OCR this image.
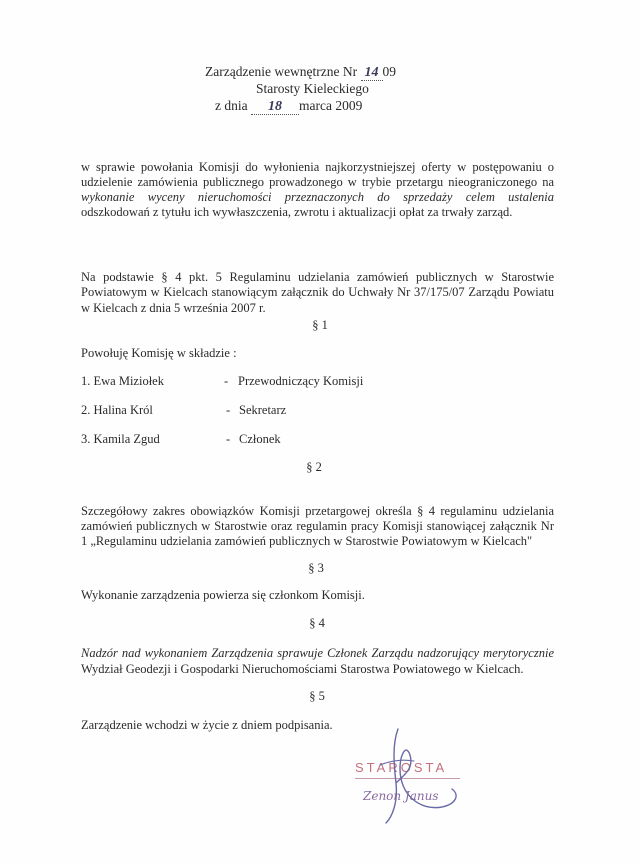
Zarządzenie wewnętrzne Nr 14 09
Starosty Kieleckiego
z dnia 18 marca 2009
w sprawie powołania Komisji do wyłonienia najkorzystniejszej oferty w postępowaniu o
udzielenie zamówienia publicznego prowadzonego w trybie przetargu nieograniczonego na
wykonanie wyceny nieruchomości przeznaczonych do sprzedaży celem ustalenia
odszkodowań z tytułu ich wywłaszczenia, zwrotu i aktualizacji opłat za trwały zarząd.
Na podstawie § 4 pkt. 5 Regulaminu udzielania zamówień publicznych w Starostwie
Powiatowym w Kielcach stanowiącym załącznik do Uchwały Nr 37/175/07 Zarządu Powiatu
w Kielcach z dnia 5 września 2007 r.
§ 1
Powołuję Komisję w składzie :
1. Ewa Miziołek	- Przewodniczący Komisji
2. Halina Król	- Sekretarz
3. Kamila Zgud	- Członek
§ 2
Szczegółowy zakres obowiązków Komisji przetargowej określa § 4 regulaminu udzielania
zamówień publicznych w Starostwie oraz regulamin pracy Komisji stanowiącej załącznik Nr
1 „Regulaminu udzielania zamówień publicznych w Starostwie Powiatowym w Kielcach"
§ 3
Wykonanie zarządzenia powierza się członkom Komisji.
§ 4
Nadzór nad wykonaniem Zarządzenia sprawuje Członek Zarządu nadzorujący merytorycznie
Wydział Geodezji i Gospodarki Nieruchomościami Starostwa Powiatowego w Kielcach.
§ 5
Zarządzenie wchodzi w życie z dniem podpisania.
STAROSTA
Zenon Janus
